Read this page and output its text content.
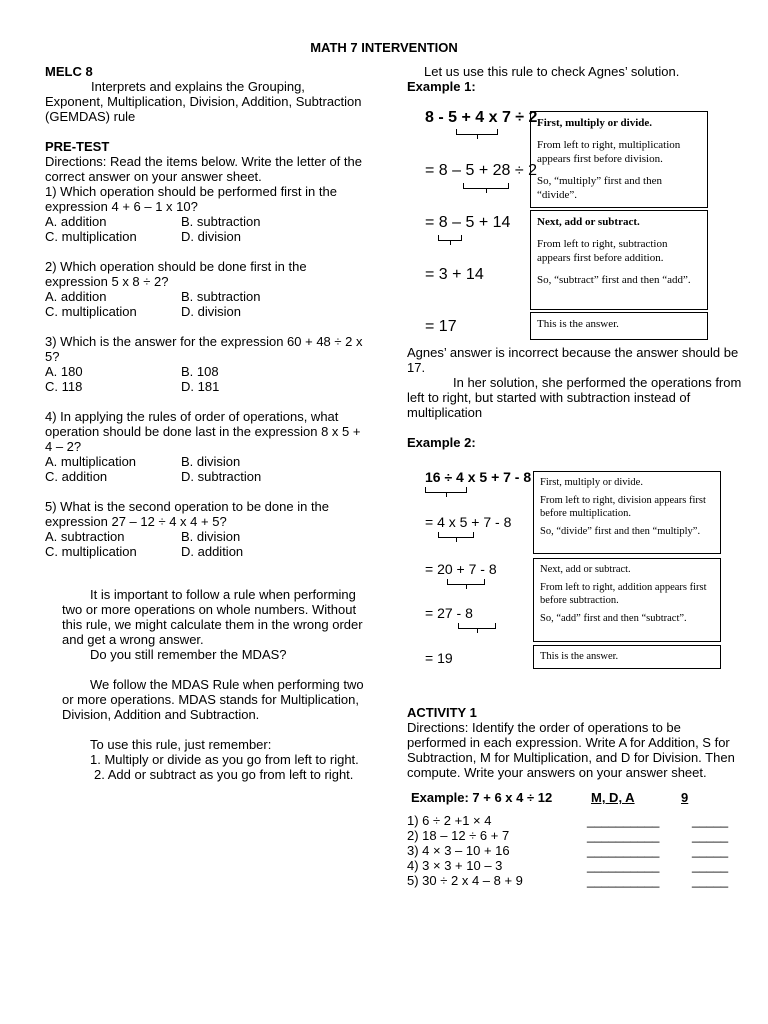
MATH 7 INTERVENTION

MELC 8

Interprets and explains the Grouping, Exponent, Multiplication, Division, Addition, Subtraction (GEMDAS) rule

PRE-TEST

Directions: Read the items below. Write the letter of the correct answer on your answer sheet.

1) Which operation should be performed first in the expression 4 + 6 – 1 x 10?

A. addition	B. subtraction
C. multiplication	D. division

2) Which operation should be done first in the expression 5 x 8 ÷ 2?

A. addition	B. subtraction
C. multiplication	D. division

3) Which is the answer for the expression 60 + 48 ÷ 2 x 5?

A. 180	B. 108
C. 118	D. 181

4) In applying the rules of order of operations, what operation should be done last in the expression 8 x 5 + 4 – 2?

A. multiplication	B. division
C. addition	D. subtraction

5) What is the second operation to be done in the expression 27 – 12 ÷ 4 x 4 + 5?

A. subtraction	B. division
C. multiplication	D. addition

It is important to follow a rule when performing two or more operations on whole numbers. Without this rule, we might calculate them in the wrong order and get a wrong answer.

Do you still remember the MDAS?

We follow the MDAS Rule when performing two or more operations. MDAS stands for Multiplication, Division, Addition and Subtraction.

To use this rule, just remember:

1. Multiply or divide as you go from left to right.

2. Add or subtract as you go from left to right.

Let us use this rule to check Agnes’ solution.

Example 1:

8 - 5 + 4 x 7 ÷ 2
= 8 – 5 + 28 ÷ 2
= 8 – 5 + 14
= 3 + 14
= 17

First, multiply or divide.

From left to right, multiplication appears first before division.

So, “multiply” first and then “divide”.

Next, add or subtract.

From left to right, subtraction appears first before addition.

So, “subtract” first and then “add”.

This is the answer.

Agnes’ answer is incorrect because the answer should be 17.

In her solution, she performed the operations from left to right, but started with subtraction instead of multiplication

Example 2:

16 ÷ 4 x 5 + 7 - 8
= 4 x 5 + 7 - 8
= 20 + 7 - 8
= 27 - 8
= 19

First, multiply or divide.

From left to right, division appears first before multiplication.

So, “divide” first and then “multiply”.

Next, add or subtract.

From left to right, addition appears first before subtraction.

So, “add” first and then “subtract”.

This is the answer.

ACTIVITY 1

Directions: Identify the order of operations to be performed in each expression. Write A for Addition, S for Subtraction, M for Multiplication, and D for Division. Then compute. Write your answers on your answer sheet.

Example: 7 + 6 x 4 ÷ 12	M, D, A	9
1) 6 ÷ 2 +1 × 4	__________	_____
2) 18 – 12 ÷ 6 + 7	__________	_____
3) 4 × 3 – 10 + 16	__________	_____
4) 3 × 3 + 10 – 3	__________	_____
5) 30 ÷ 2 x 4 – 8 + 9	__________	_____
